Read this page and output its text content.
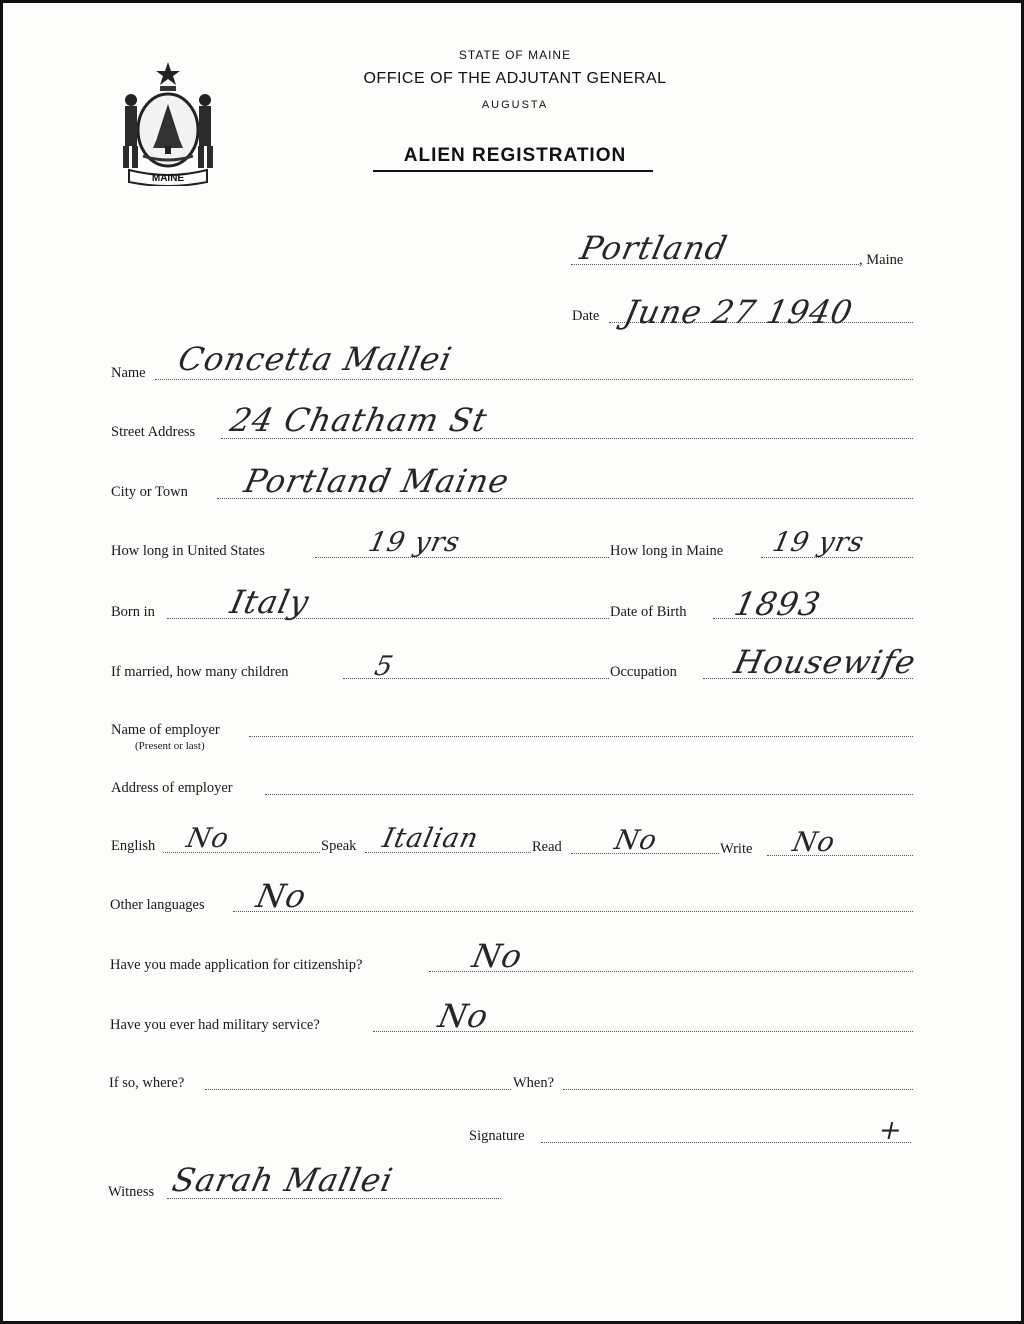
MAINE
STATE OF MAINE
OFFICE OF THE ADJUTANT GENERAL
AUGUSTA
ALIEN REGISTRATION
Portland	, Maine
Date June 27 1940
Name Concetta Mallei
Street Address 24 Chatham St
City or Town Portland Maine
How long in United States	19 yrs	How long in Maine 19 yrs
Born in Italy	Date of Birth 1893
If married, how many children	5	Occupation Housewife
Name of employer
(Present or last)
Address of employer
English No	Speak Italian	Read No	Write No
Other languages No
Have you made application for citizenship?	No
Have you ever had military service?	No
If so, where?	When?
Signature	+
Witness Sarah Mallei
